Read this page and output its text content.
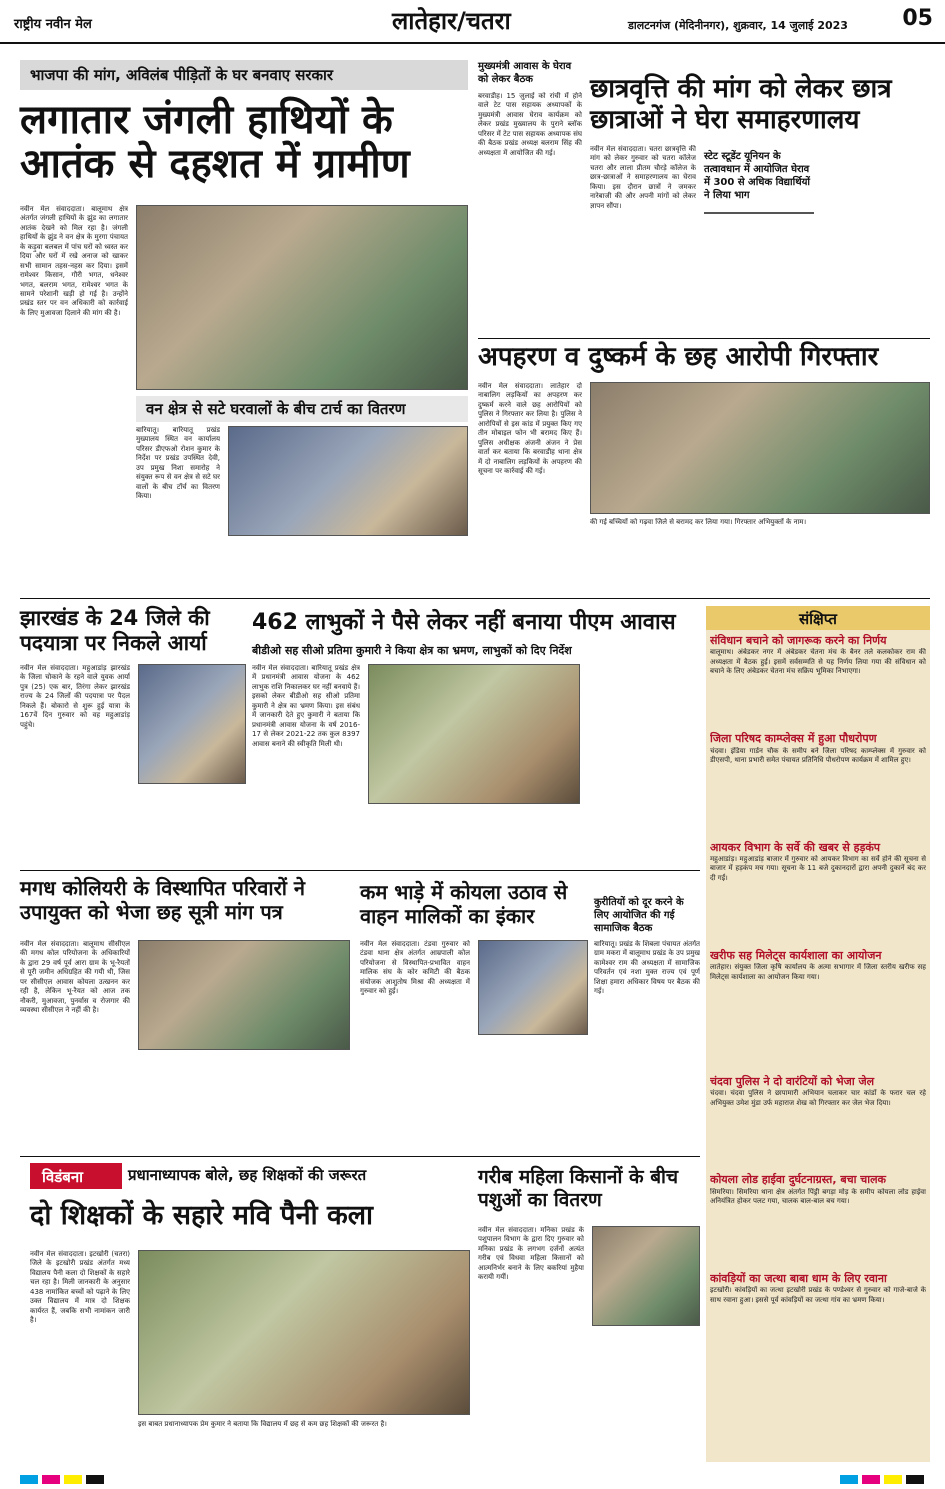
राष्ट्रीय नवीन मेल	लातेहार/चतरा	डालटनगंज (मेदिनीनगर), शुक्रवार, 14 जुलाई 2023 05
भाजपा की मांग, अविलंब पीड़ितों के घर बनवाए सरकार
लगातार जंगली हाथियों के आतंक से दहशत में ग्रामीण
नवीन मेल संवाददाता। बालूमाथ क्षेत्र अंतर्गत जंगली हाथियों के झुंड का लगातार आतंक देखने को मिल रहा है। जंगली हाथियों के झुंड ने वन क्षेत्र के मुरगा पंचायत के कड़ुवा बलबल में पांच घरों को ध्वस्त कर दिया और घरों में रखे अनाज को खाकर सभी सामान तहस-नहस कर दिया। इसमें रामेश्वर किसान, गौरी भगत, धनेश्वर भगत, बलराम भगत, रामेश्वर भगत के सामने परेशानी खड़ी हो गई है। उन्होंने प्रखंड स्तर पर वन अधिकारी को कार्रवाई के लिए मुआवजा दिलाने की मांग की है।
वन क्षेत्र से सटे घरवालों के बीच टार्च का वितरण
बारियातू। बारियातू प्रखंड मुख्यालय स्थित वन कार्यालय परिसर डीएफओ रोशन कुमार के निर्देश पर प्रखंड उपस्थित देवी, उप प्रमुख निशा समारोह ने संयुक्त रूप से वन क्षेत्र से सटे घर वालों के बीच टॉर्च का वितरण किया।
मुख्यमंत्री आवास के घेराव को लेकर बैठक
बरवाडीह। 15 जुलाई को रांची में होने वाले टेट पास सहायक अध्यापकों के मुख्यमंत्री आवास घेराव कार्यक्रम को लेकर प्रखंड मुख्यालय के पुराने ब्लॉक परिसर में टेट पास सहायक अध्यापक संघ की बैठक प्रखंड अध्यक्ष बलराम सिंह की अध्यक्षता में आयोजित की गई।
छात्रवृत्ति की मांग को लेकर छात्र छात्राओं ने घेरा समाहरणालय
नवीन मेल संवाददाता। चतरा छात्रवृत्ति की मांग को लेकर गुरुवार को चतरा कॉलेज चतरा और लाला प्रीतम चौरड़े कॉलेज के छात्र-छात्राओं ने समाहरणालय का घेराव किया। इस दौरान छात्रों ने जमकर नारेबाजी की और अपनी मांगों को लेकर ज्ञापन सौंपा।
स्टेट स्टूडेंट यूनियन के तत्वावधान में आयोजित घेराव में 300 से अधिक विद्यार्थियों ने लिया भाग
अपहरण व दुष्कर्म के छह आरोपी गिरफ्तार
नवीन मेल संवाददाता। लातेहार दो नाबालिग लड़कियों का अपहरण कर दुष्कर्म करने वाले छह आरोपियों को पुलिस ने गिरफ्तार कर लिया है। पुलिस ने आरोपियों से इस कांड में प्रयुक्त किए गए तीन मोबाइल फोन भी बरामद किए हैं। पुलिस अधीक्षक अंजनी अंजन ने प्रेस वार्ता कर बताया कि बरवाडीह थाना क्षेत्र में दो नाबालिग लड़कियों के अपहरण की सूचना पर कार्रवाई की गई।
की गई बच्चियों को गढ़वा जिले से बरामद कर लिया गया। गिरफ्तार अभियुक्तों के नाम।
झारखंड के 24 जिले की पदयात्रा पर निकले आर्या
नवीन मेल संवाददाता। महुआडांड़ झारखंड के जिला चोकाने के रहने वाले युवक आर्या पुत्र (25) एक बार, तिरंगा लेकर झारखंड राज्य के 24 जिलों की पदयात्रा पर पैदल निकले हैं। बोकारो से शुरू हुई यात्रा के 167वें दिन गुरुवार को वह महुआडांड़ पहुंचे।
462 लाभुकों ने पैसे लेकर नहीं बनाया पीएम आवास
बीडीओ सह सीओ प्रतिमा कुमारी ने किया क्षेत्र का भ्रमण, लाभुकों को दिए निर्देश
नवीन मेल संवाददाता। बारियातू प्रखंड क्षेत्र में प्रधानमंत्री आवास योजना के 462 लाभुक राशि निकालकर घर नहीं बनवाये हैं। इसको लेकर बीडीओ सह सीओ प्रतिमा कुमारी ने क्षेत्र का भ्रमण किया। इस संबंध में जानकारी देते हुए कुमारी ने बताया कि प्रधानमंत्री आवास योजना के वर्ष 2016-17 से लेकर 2021-22 तक कुल 8397 आवास बनाने की स्वीकृति मिली थी।
संक्षिप्त
संविधान बचाने को जागरूक करने का निर्णय
बालूमाथ। अंबेडकर नगर में अंबेडकर चेतना मंच के बैनर तले कलकोकर राम की अध्यक्षता में बैठक हुई। इसमें सर्वसम्मति से यह निर्णय लिया गया की संविधान को बचाने के लिए अंबेडकर चेतना मंच सक्रिय भूमिका निभाएगा।
जिला परिषद काम्प्लेक्स में हुआ पौधरोपण
चंदवा। इंडिया गार्डन चौक के समीप बने जिला परिषद काम्प्लेक्स में गुरुवार को डीएसपी, थाना प्रभारी समेत पंचायत प्रतिनिधि पौधरोपण कार्यक्रम में शामिल हुए।
आयकर विभाग के सर्वे की खबर से हड़कंप
महुआडांड़। महुआडांड़ बाजार में गुरुवार को आयकर विभाग का सर्वे होने की सूचना से बाजार में हड़कंप मच गया। सूचना के 11 बजे दुकानदारों द्वारा अपनी दुकानें बंद कर दी गईं।
खरीफ सह मिलेट्स कार्यशाला का आयोजन
लातेहार। संयुक्त जिला कृषि कार्यालय के अत्मा सभागार में जिला स्तरीय खरीफ सह मिलेट्स कार्यशाला का आयोजन किया गया।
चंदवा पुलिस ने दो वारंटियों को भेजा जेल
चंदवा। चंदवा पुलिस ने छापामारी अभियान चलाकर चार कांडों के फरार चल रहे अभियुक्त उमेश मुंडा उर्फ महाराज शेख को गिरफ्तार कर जेल भेज दिया।
कोयला लोड हाईवा दुर्घटनाग्रस्त, बचा चालक
सिमरिया। सिमरिया थाना क्षेत्र अंतर्गत पिंड्री बगड़ा मोड़ के समीप कोयला लोड हाईवा अनियंत्रित होकर पलट गया, चालक बाल-बाल बच गया।
कांवड़ियों का जत्था बाबा धाम के लिए रवाना
इटखोरी। कांवड़ियों का जत्था इटखोरी प्रखंड के पण्डेश्वर से गुरुवार को गाजे-बाजे के साथ रवाना हुआ। इससे पूर्व कांवड़ियों का जत्था गांव का भ्रमण किया।
मगध कोलियरी के विस्थापित परिवारों ने उपायुक्त को भेजा छह सूत्री मांग पत्र
नवीन मेल संवाददाता। बालूमाथ सीसीएल की मगध कोल परियोजना के अधिकारियों के द्वारा 29 वर्ष पूर्व आरा ग्राम के भू-रैयतों से पूरी जमीन अधिग्रहित की गयी थी, जिस पर सीसीएल आवास कोयला उत्खनन कर रही है, लेकिन भू-रैयत को आज तक नौकरी, मुआवजा, पुनर्वास व रोजगार की व्यवस्था सीसीएल ने नहीं की है।
कम भाड़े में कोयला उठाव से वाहन मालिकों का इंकार
नवीन मेल संवाददाता। टंडवा गुरुवार को टंडवा थाना क्षेत्र अंतर्गत आम्रपाली कोल परियोजना से विस्थापित-प्रभावित वाहन मालिक संघ के कोर कमिटी की बैठक संयोजक आशुतोष मिश्रा की अध्यक्षता में गुरुवार को हुई।
कुरीतियों को दूर करने के लिए आयोजित की गई सामाजिक बैठक
बारियातू। प्रखंड के शिबला पंचायत अंतर्गत ग्राम मकरा में बालूमाथ प्रखंड के उप प्रमुख कामेश्वर राम की अध्यक्षता में सामाजिक परिवर्तन एवं नशा मुक्त राज्य एवं पूर्ण शिक्षा हमारा अधिकार विषय पर बैठक की गई।
विडंबना	प्रधानाध्यापक बोले, छह शिक्षकों की जरूरत
दो शिक्षकों के सहारे मवि पैनी कला
नवीन मेल संवाददाता। इटखोरी (चतरा) जिले के इटखोरी प्रखंड अंतर्गत मध्य विद्यालय पैनी कला दो शिक्षकों के सहारे चल रहा है। मिली जानकारी के अनुसार 438 नामांकित बच्चों को पढ़ाने के लिए उक्त विद्यालय में मात्र दो शिक्षक कार्यरत हैं, जबकि सभी नामांकन जारी है।
इस बाबत प्रधानाध्यापक प्रेम कुमार ने बताया कि विद्यालय में छह से कम छह शिक्षकों की जरूरत है।
गरीब महिला किसानों के बीच पशुओं का वितरण
नवीन मेल संवाददाता। मनिका प्रखंड के पशुपालन विभाग के द्वारा दिए गुरुवार को मनिका प्रखंड के लगभग दर्जनों अत्यंत गरीब एवं विधवा महिला किसानों को आत्मनिर्भर बनाने के लिए बकरियां मुहैया करायी गयीं।
